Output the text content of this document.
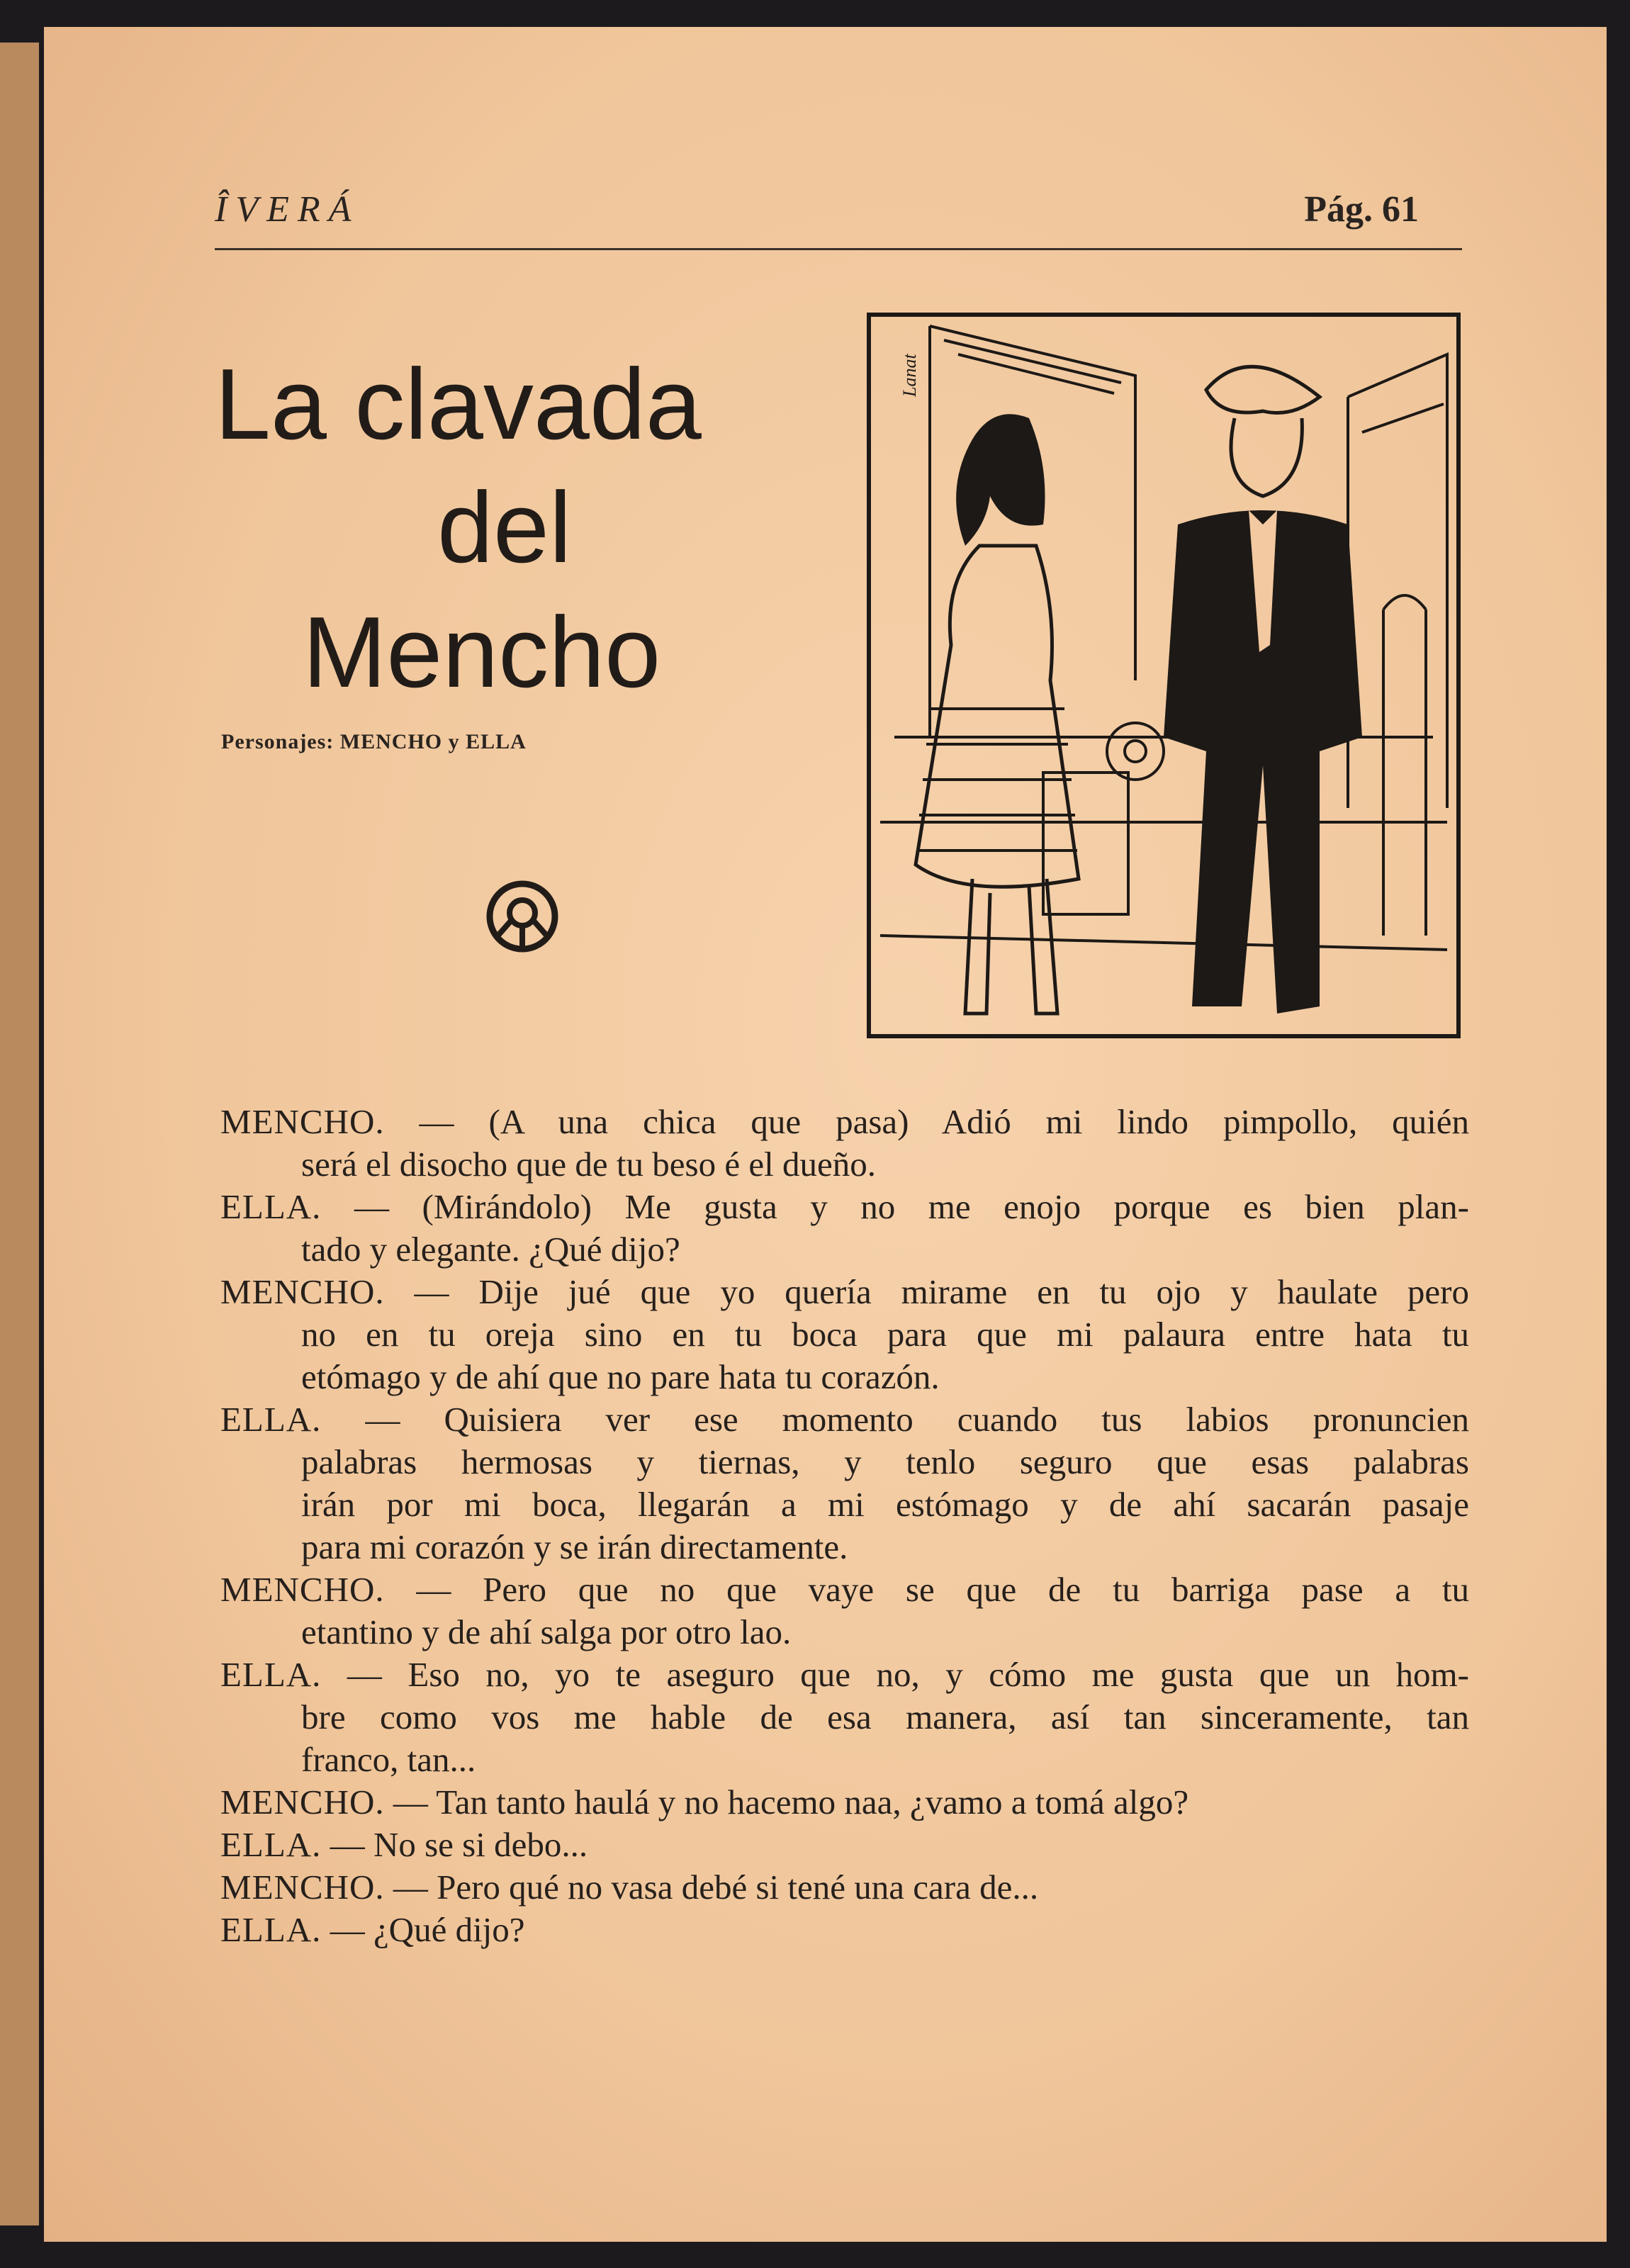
ÎVERÁ	Pág. 61
La clavada
del
Mencho
Personajes: MENCHO y ELLA
Lanat
MENCHO. — (A una chica que pasa) Adió mi lindo pimpollo, quién
será el disocho que de tu beso é el dueño.
ELLA. — (Mirándolo) Me gusta y no me enojo porque es bien plan-
tado y elegante. ¿Qué dijo?
MENCHO. — Dije jué que yo quería mirame en tu ojo y haulate pero
no en tu oreja sino en tu boca para que mi palaura entre hata tu
etómago y de ahí que no pare hata tu corazón.
ELLA. — Quisiera ver ese momento cuando tus labios pronuncien
palabras hermosas y tiernas, y tenlo seguro que esas palabras
irán por mi boca, llegarán a mi estómago y de ahí sacarán pasaje
para mi corazón y se irán directamente.
MENCHO. — Pero que no que vaye se que de tu barriga pase a tu
etantino y de ahí salga por otro lao.
ELLA. — Eso no, yo te aseguro que no, y cómo me gusta que un hom-
bre como vos me hable de esa manera, así tan sinceramente, tan
franco, tan...
MENCHO. — Tan tanto haulá y no hacemo naa, ¿vamo a tomá algo?
ELLA. — No se si debo...
MENCHO. — Pero qué no vasa debé si tené una cara de...
ELLA. — ¿Qué dijo?
